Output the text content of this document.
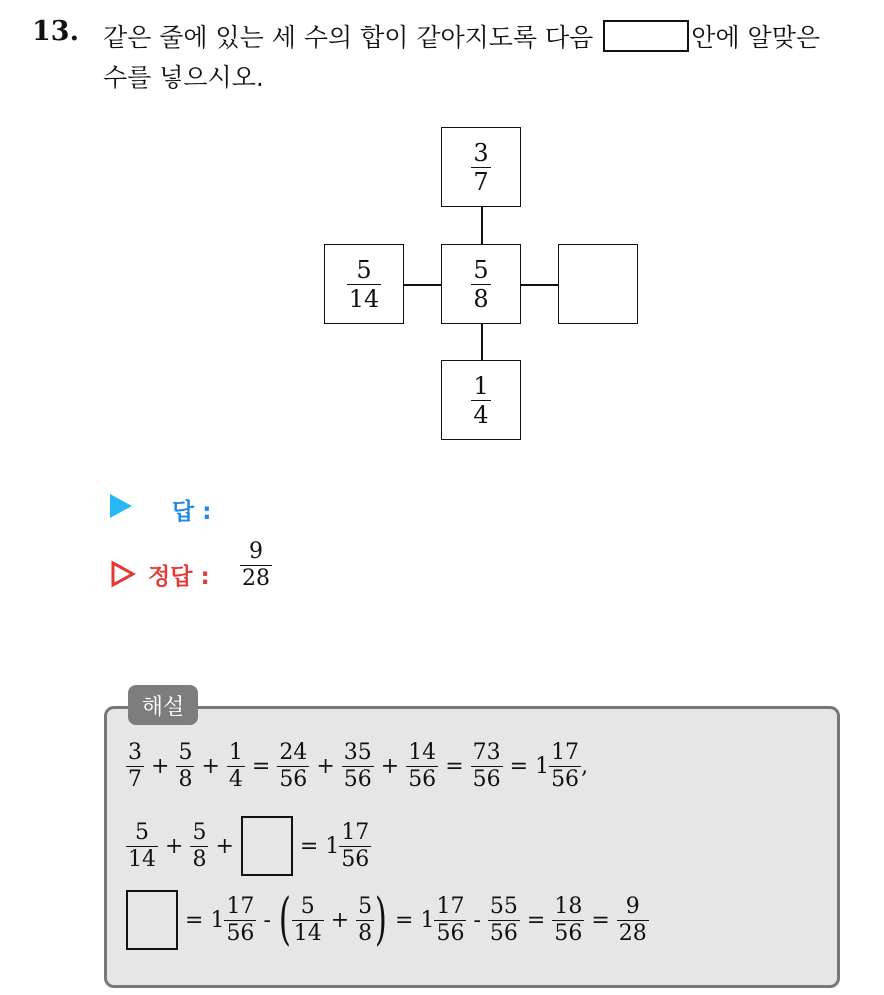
13. 같은 줄에 있는 세 수의 합이 같아지도록 다음	안에 알맞은
수를 넣으시오.
$\frac{3}{7}$
$\frac{5}{14}$	$\frac{5}{8}$
$\frac{1}{4}$
답 :
정답 : $\frac{9}{28}$
해설
$\frac{3}{7} + \frac{5}{8} + \frac{1}{4} = \frac{24}{56} + \frac{35}{56} + \frac{14}{56} = \frac{73}{56} = 1 \frac{17}{56}$ ,
$\frac{5}{14} + \frac{5}{8}$ +	= $1 \frac{17}{56}$
= $1 \frac{17}{56}$ - ( $\frac{5}{14} + \frac{5}{8}$ ) = $1 \frac{17}{56} - \frac{55}{56} = \frac{18}{56} = \frac{9}{28}$
